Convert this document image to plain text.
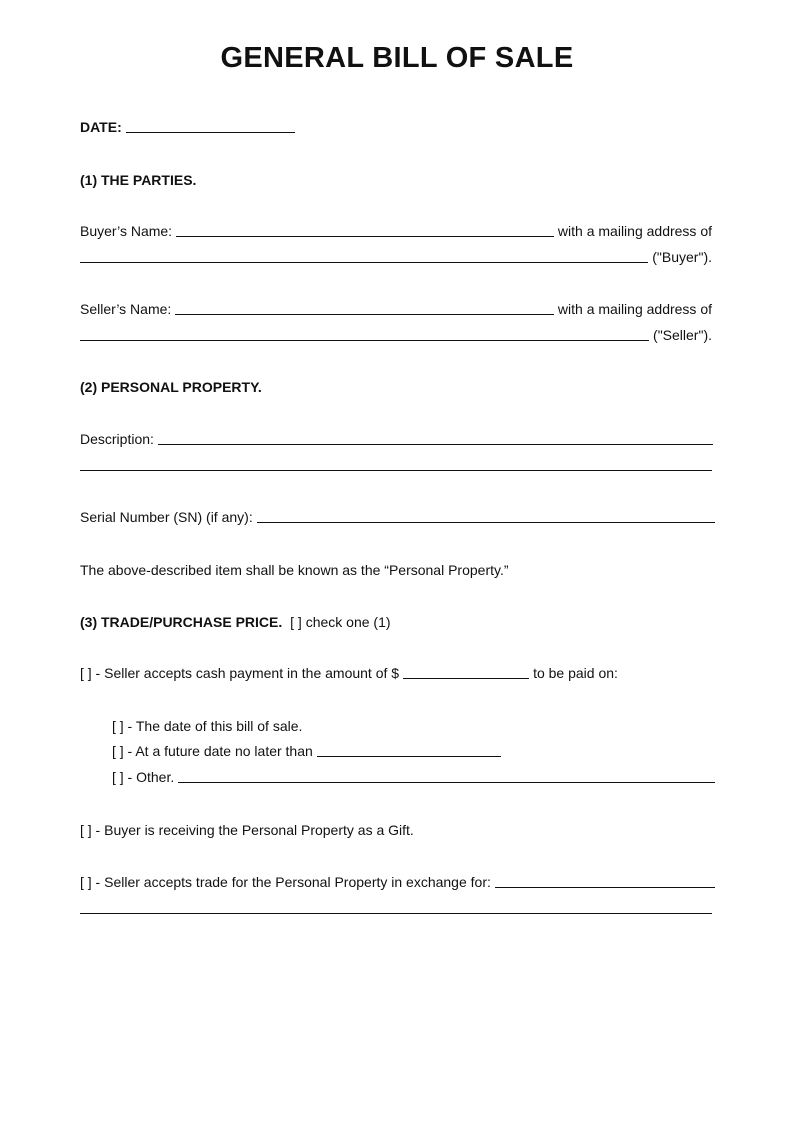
GENERAL BILL OF SALE
DATE:
(1) THE PARTIES.
Buyer’s Name:	with a mailing address of
("Buyer").
Seller’s Name:	with a mailing address of
("Seller").
(2) PERSONAL PROPERTY.
Description:
Serial Number (SN) (if any):
The above-described item shall be known as the “Personal Property.”
(3) TRADE/PURCHASE PRICE. [ ] check one (1)
[ ] - Seller accepts cash payment in the amount of $	to be paid on:
[ ] - The date of this bill of sale.
[ ] - At a future date no later than
[ ] - Other.
[ ] - Buyer is receiving the Personal Property as a Gift.
[ ] - Seller accepts trade for the Personal Property in exchange for:
